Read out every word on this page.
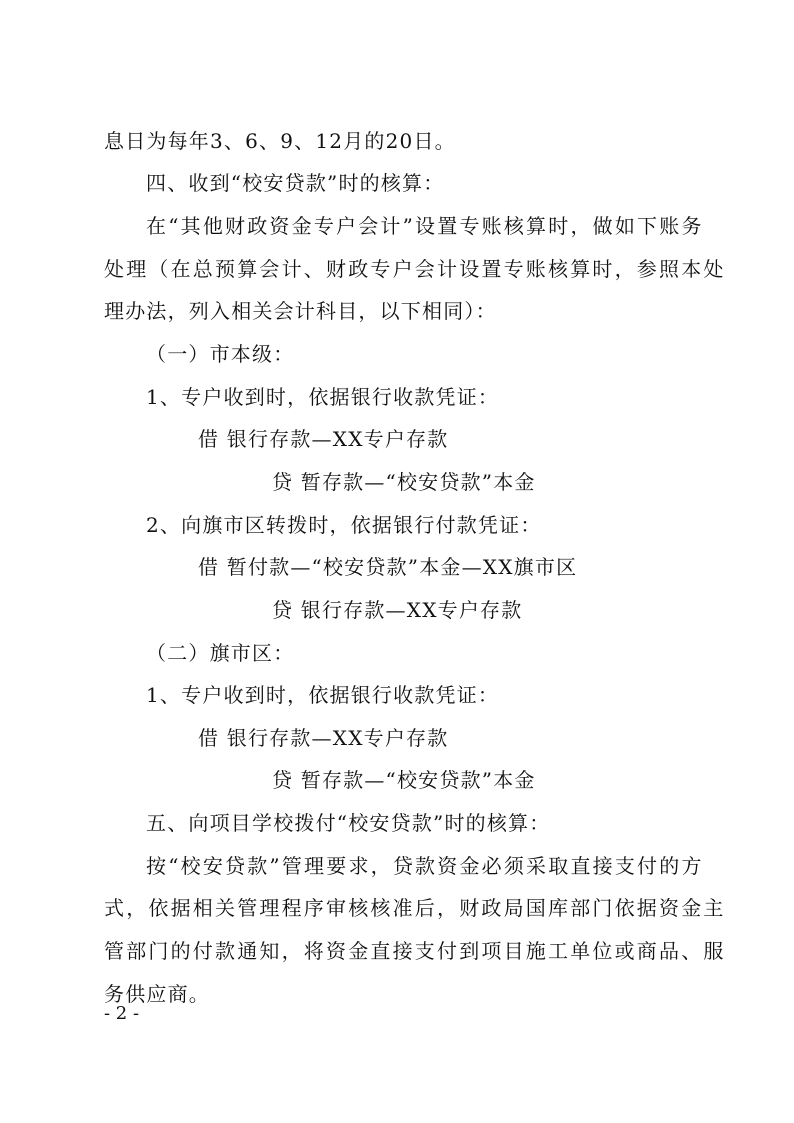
息日为每年3、6、9、12月的20日。
四、收到“校安贷款”时的核算：
在“其他财政资金专户会计”设置专账核算时，做如下账务
处理（在总预算会计、财政专户会计设置专账核算时，参照本处
理办法，列入相关会计科目，以下相同）：
（一）市本级：
1、专户收到时，依据银行收款凭证：
借 银行存款—XX专户存款
贷 暂存款—“校安贷款”本金
2、向旗市区转拨时，依据银行付款凭证：
借 暂付款—“校安贷款”本金—XX旗市区
贷 银行存款—XX专户存款
（二）旗市区：
1、专户收到时，依据银行收款凭证：
借 银行存款—XX专户存款
贷 暂存款—“校安贷款”本金
五、向项目学校拨付“校安贷款”时的核算：
按“校安贷款”管理要求，贷款资金必须采取直接支付的方
式，依据相关管理程序审核核准后，财政局国库部门依据资金主
管部门的付款通知，将资金直接支付到项目施工单位或商品、服
务供应商。
- 2 -
